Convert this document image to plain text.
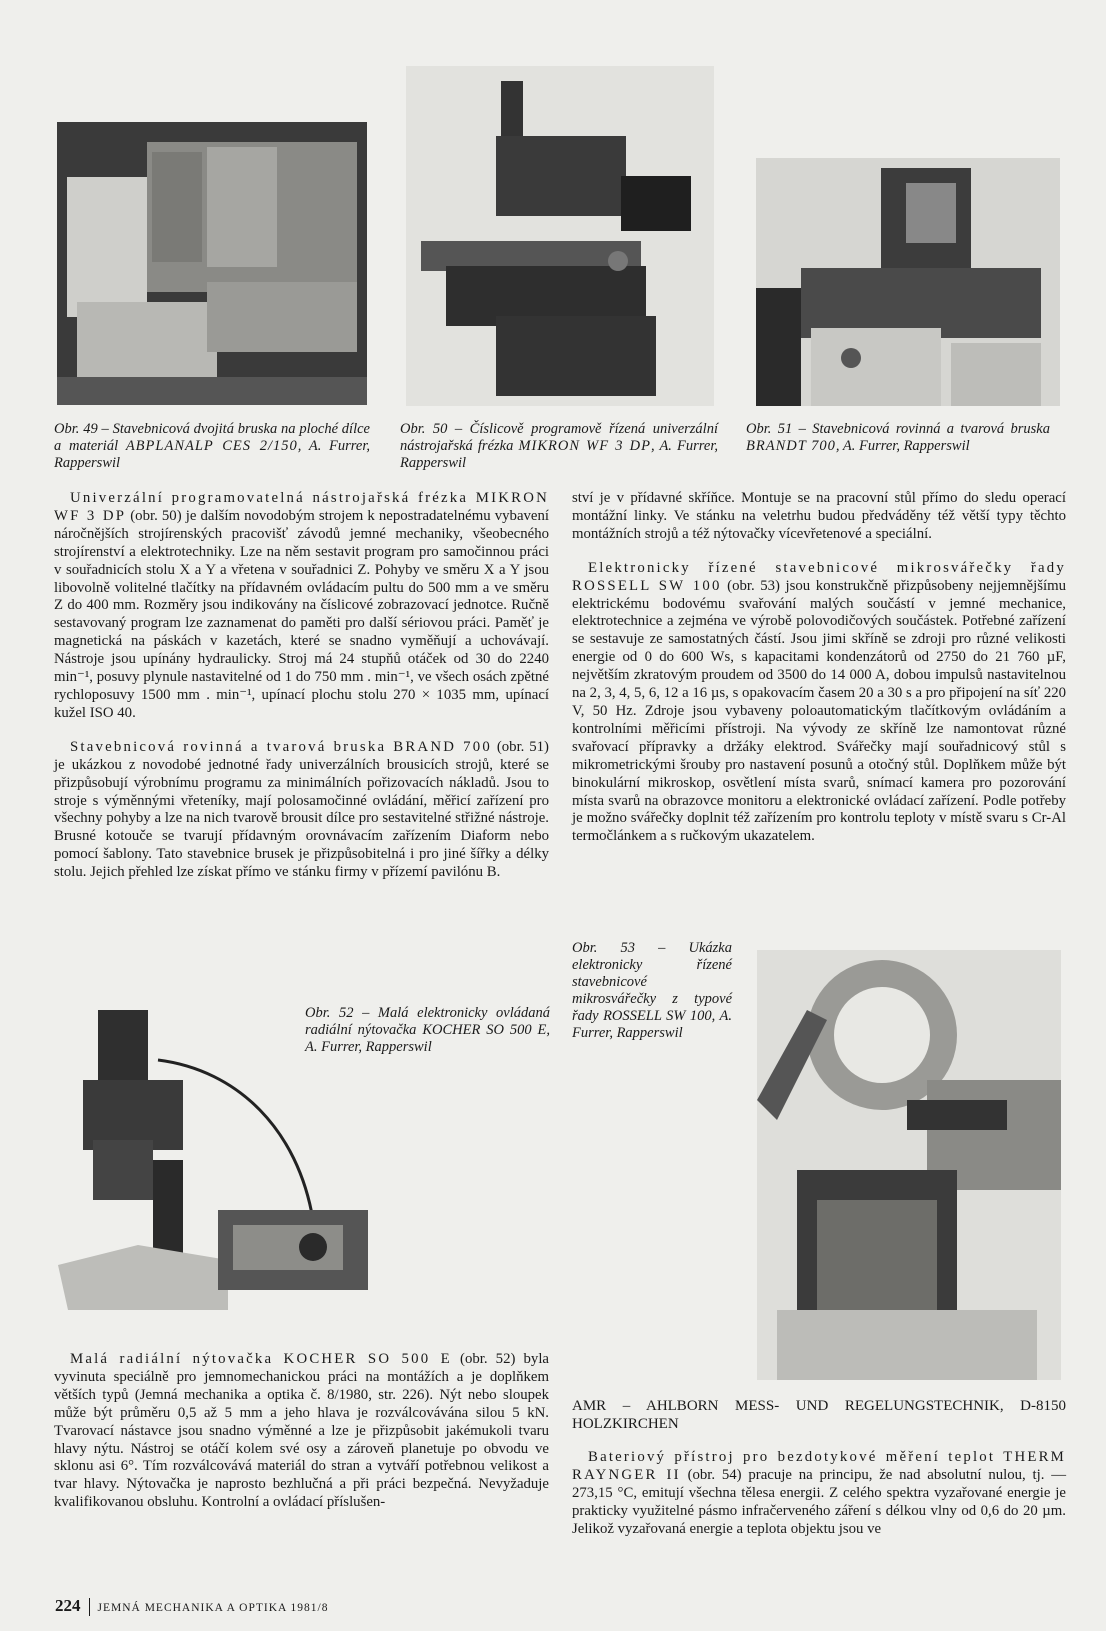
Obr. 49 – Stavebnicová dvojitá bruska na ploché dílce a materiál ABPLANALP CES 2/150, A. Furrer, Rapperswil
Obr. 50 – Číslicově programově řízená univerzální nástrojařská frézka MIKRON WF 3 DP, A. Furrer, Rapperswil
Obr. 51 – Stavebnicová rovinná a tvarová bruska BRANDT 700, A. Furrer, Rapperswil
Obr. 52 – Malá elektronicky ovládaná radiální nýtovačka KOCHER SO 500 E, A. Furrer, Rapperswil
Obr. 53 – Ukázka elektronicky řízené stavebnicové mikrosvářečky z typové řady ROSSELL SW 100, A. Furrer, Rapperswil

Univerzální programovatelná nástrojařská frézka MIKRON WF 3 DP (obr. 50) je dalším novodobým strojem k nepostradatelnému vybavení náročnějších strojírenských pracovišť závodů jemné mechaniky, všeobecného strojírenství a elektrotechniky. Lze na něm sestavit program pro samočinnou práci v souřadnicích stolu X a Y a vřetena v souřadnici Z. Pohyby ve směru X a Y jsou libovolně volitelné tlačítky na přídavném ovládacím pultu do 500 mm a ve směru Z do 400 mm. Rozměry jsou indikovány na číslicové zobrazovací jednotce. Ručně sestavovaný program lze zaznamenat do paměti pro další sériovou práci. Paměť je magnetická na páskách v kazetách, které se snadno vyměňují a uchovávají. Nástroje jsou upínány hydraulicky. Stroj má 24 stupňů otáček od 30 do 2240 min⁻¹, posuvy plynule nastavitelné od 1 do 750 mm . min⁻¹, ve všech osách zpětné rychloposuvy 1500 mm . min⁻¹, upínací plochu stolu 270 × 1035 mm, upínací kužel ISO 40.

Stavebnicová rovinná a tvarová bruska BRAND 700 (obr. 51) je ukázkou z novodobé jednotné řady univerzálních brousicích strojů, které se přizpůsobují výrobnímu programu za minimálních pořizovacích nákladů. Jsou to stroje s výměnnými vřeteníky, mají polosamočinné ovládání, měřicí zařízení pro všechny pohyby a lze na nich tvarově brousit dílce pro sestavitelné střižné nástroje. Brusné kotouče se tvarují přídavným orovnávacím zařízením Diaform nebo pomocí šablony. Tato stavebnice brusek je přizpůsobitelná i pro jiné šířky a délky stolu. Jejich přehled lze získat přímo ve stánku firmy v přízemí pavilónu B.

Malá radiální nýtovačka KOCHER SO 500 E (obr. 52) byla vyvinuta speciálně pro jemnomechanickou práci na montážích a je doplňkem větších typů (Jemná mechanika a optika č. 8/1980, str. 226). Nýt nebo sloupek může být průměru 0,5 až 5 mm a jeho hlava je rozválcovávána silou 5 kN. Tvarovací nástavce jsou snadno výměnné a lze je přizpůsobit jakémukoli tvaru hlavy nýtu. Nástroj se otáčí kolem své osy a zároveň planetuje po obvodu ve sklonu asi 6°. Tím rozválcovává materiál do stran a vytváří potřebnou velikost a tvar hlavy. Nýtovačka je naprosto bezhlučná a při práci bezpečná. Nevyžaduje kvalifikovanou obsluhu. Kontrolní a ovládací příslušen-

ství je v přídavné skříňce. Montuje se na pracovní stůl přímo do sledu operací montážní linky. Ve stánku na veletrhu budou předváděny též větší typy těchto montážních strojů a též nýtovačky vícevřetenové a speciální.

Elektronicky řízené stavebnicové mikrosvářečky řady ROSSELL SW 100 (obr. 53) jsou konstrukčně přizpůsobeny nejjemnějšímu elektrickému bodovému svařování malých součástí v jemné mechanice, elektrotechnice a zejména ve výrobě polovodičových součástek. Potřebné zařízení se sestavuje ze samostatných částí. Jsou jimi skříně se zdroji pro různé velikosti energie od 0 do 600 Ws, s kapacitami kondenzátorů od 2750 do 21 760 µF, největším zkratovým proudem od 3500 do 14 000 A, dobou impulsů nastavitelnou na 2, 3, 4, 5, 6, 12 a 16 µs, s opakovacím časem 20 a 30 s a pro připojení na síť 220 V, 50 Hz. Zdroje jsou vybaveny poloautomatickým tlačítkovým ovládáním a kontrolními měřicími přístroji. Na vývody ze skříně lze namontovat různé svařovací přípravky a držáky elektrod. Svářečky mají souřadnicový stůl s mikrometrickými šrouby pro nastavení posunů a otočný stůl. Doplňkem může být binokulární mikroskop, osvětlení místa svarů, snímací kamera pro pozorování místa svarů na obrazovce monitoru a elektronické ovládací zařízení. Podle potřeby je možno svářečky doplnit též zařízením pro kontrolu teploty v místě svaru s Cr-Al termočlánkem a s ručkovým ukazatelem.

AMR – AHLBORN MESS- UND REGELUNGSTECHNIK, D-8150 HOLZKIRCHEN

Bateriový přístroj pro bezdotykové měření teplot THERM RAYNGER II (obr. 54) pracuje na principu, že nad absolutní nulou, tj. —273,15 °C, emitují všechna tělesa energii. Z celého spektra vyzařované energie je prakticky využitelné pásmo infračerveného záření s délkou vlny od 0,6 do 20 µm. Jelikož vyzařovaná energie a teplota objektu jsou ve

224 JEMNÁ MECHANIKA A OPTIKA 1981/8
